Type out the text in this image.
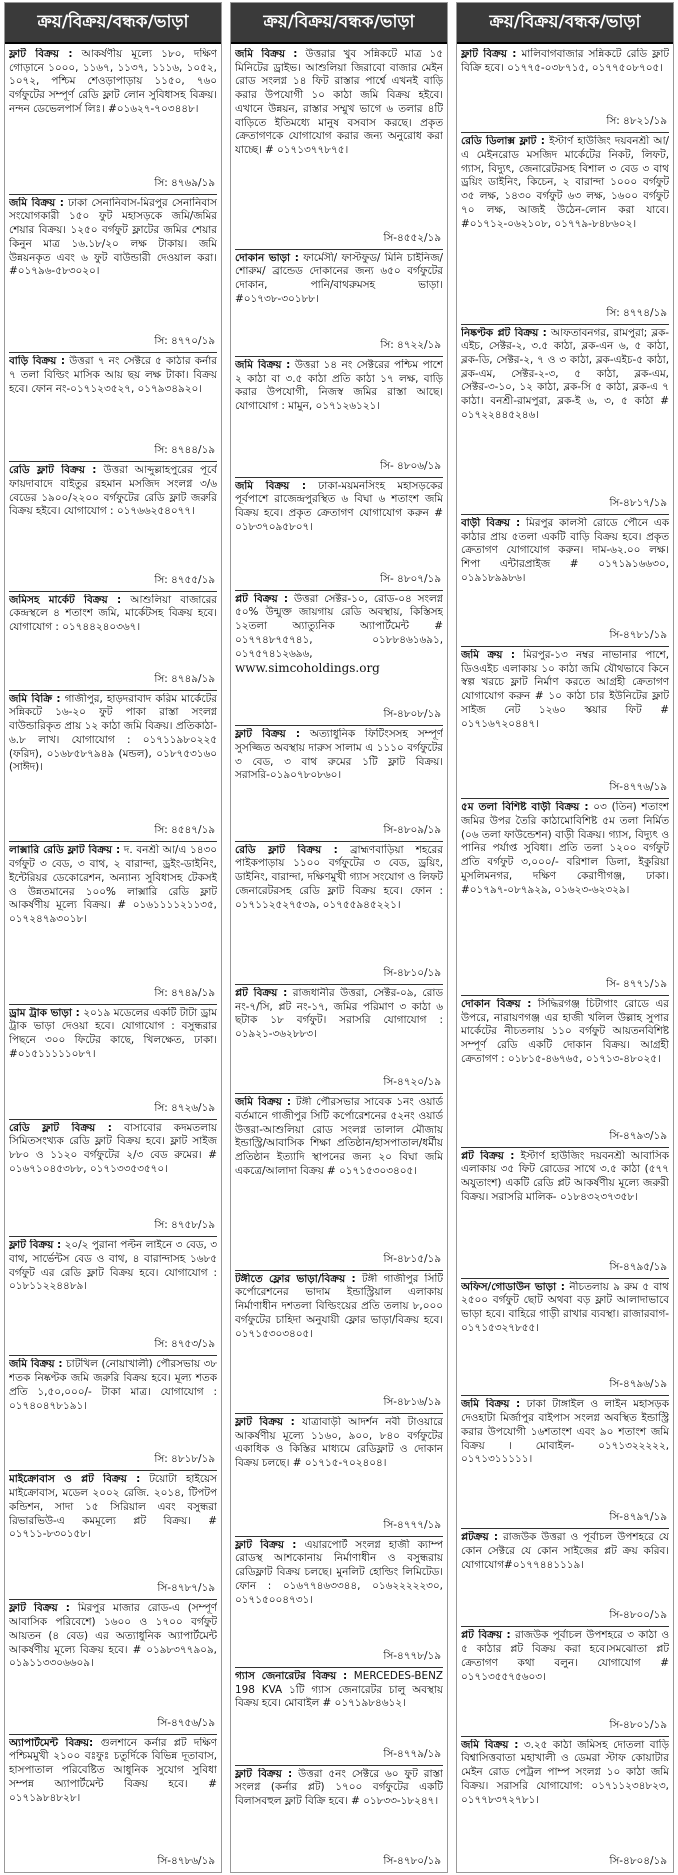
ক্রয়/বিক্রয়/বন্ধক/ভাড়া
ফ্লাট বিক্রয় : আকর্ষণীয় মূল্যে ১৮০, দক্ষিণ গোড়ানে ১০০০, ১১৬৭, ১১৩৭, ১১১৬, ১০৫২, ১০৭২, পশ্চিম শেওড়াপাড়ায় ১১৫০, ৭৬০ বর্গফুটের সম্পূর্ণ রেডি ফ্লাট লোন সুবিধাসহ বিক্রয়। নন্দন ডেভেলপার্স লিঃ। #০১৬২৭-৭০৩৪৪৮।
সি: ৪৭৬৯/১৯
জমি বিক্রয় : ঢাকা সেনানিবাস-মিরপুর সেনানিবাস সংযোগকারী ১৫০ ফুট মহাসড়কে জমি/জমির শেয়ার বিক্রয়। ১২৫০ বর্গফুট ফ্লাটের জমির শেয়ার কিনুন মাত্র ১৬.১৮/২০ লক্ষ টাকায়। জমি উন্নয়নকৃত এবং ৬ ফুট বাউন্ডারী দেওয়াল করা। #০১৭৯৬-৫৮৩০২০।
সি: ৪৭৭০/১৯
বাড়ি বিক্রয় : উত্তরা ৭ নং সেক্টরে ৫ কাঠার কর্নার ৭ তলা বিল্ডিং মাসিক আয় ছয় লক্ষ টাকা। বিক্রয় হবে। ফোন নং-০১৭১২৩৫২৭, ০১৭৯৩৪৯২০।
সি: ৪৭৪৪/১৯
রেডি ফ্লাট বিক্রয় : উত্তরা আব্দুল্লাহপুরের পূর্বে ফায়দাবাদে বাইতুর রহমান মসজিদ সংলগ্ন ৩/৬ বেডের ১৯০০/২২০০ বর্গফুটের রেডি ফ্লাট জরুরি বিক্রয় হইবে। যোগাযোগ : ০১৭৬৬২৫৪০৭৭।
সি: ৪৭৫৫/১৯
জমিসহ মার্কেট বিক্রয় : আশুলিয়া বাজারের কেন্দ্রস্থলে ৪ শতাংশ জমি, মার্কেটসহ বিক্রয় হবে। যোগাযোগ : ০১৭৪৪২৪০৩৬৭।
সি: ৪৭৪৯/১৯
জমি বিক্রি : গাজীপুর, হাড়দরাবাদ করিম মার্কেটের সন্নিকটে ১৬-২০ ফুট পাকা রাস্তা সংলগ্ন বাউন্ডারিকৃত প্রায় ১২ কাঠা জমি বিক্রয়। প্রতিকাঠা- ৬.৮ লাখ। যোগাযোগ : ০১৭১১৯৮০২২৫ (ফরিদ), ০১৬৮৫৮৭৯৪৯ (মন্ডল), ০১৮৭৫৩১৬০ (সাঈদ)।
সি: ৪৫৪৭/১৯
লাক্সারি রেডি ফ্লাট বিক্রয় : দ. বনশ্রী আ/এ ১৪৩০ বর্গফুট ৩ বেড, ৩ বাথ, ২ বারান্দা, ড্রইং-ডাইনিং, ইন্টেরিয়র ডেকোরেশন, অন্যান্য সুবিধাসহ টেকসই ও উন্নতমানের ১০০% লাক্সারি রেডি ফ্লাট আকর্ষণীয় মূল্যে বিক্রয়। # ০১৬১১১১২১১৩৫, ০১৭২৪৭৯৩০১৮।
সি: ৪৭৪৯/১৯
ড্রাম ট্রাক ভাড়া : ২০১৯ মডেলের একটি টাটা ড্রাম ট্রাক ভাড়া দেওয়া হবে। যোগাযোগ : বসুন্ধরার পিছনে ৩০০ ফিটের কাছে, খিলক্ষেত, ঢাকা। #০১৫১১১১১০৮৭।
সি: ৪৭২৬/১৯
রেডি ফ্লাট বিক্রয় : বাসাবোর কদমতলায় সিমিতসংখ্যক রেডি ফ্লাট বিক্রয় হবে। ফ্লাট সাইজ ৮৮০ ও ১১২০ বর্গফুটের ২/৩ বেড রুমের। # ০১৬৭১০৪৫৩৮৮, ০১৭১৩৩৫৩৫৭০।
সি: ৪৭৫৮/১৯
ফ্লাট বিক্রয় : ২০/২ পুরানা পল্টন লাইনে ৩ বেড, ৩ বাথ, সার্ভেন্টস বেড ও বাথ, ৪ বারান্দাসহ ১৬৮৫ বর্গফুট এর রেডি ফ্লাট বিক্রয় হবে। যোগাযোগ : ০১৮১১২২৪৪৮৯।
সি: ৪৭৫৩/১৯
জমি বিক্রয় : চাটখিল (নোয়াখালী) পৌরসভায় ৩৮ শতক নিষ্কণ্টক জমি জরুরি বিক্রয় হবে। মূল্য শতক প্রতি ১,৫০,০০০/- টাকা মাত্র। যোগাযোগ : ০১৭৪০৪৭৮১৯১।
সি: ৪৮১৮/১৯
মাইক্রোবাস ও প্লট বিক্রয় : টয়োটা হাইয়েস মাইক্রোবাস, মডেল ২০০২ রেজি. ২০১৪, টিপটপ কন্ডিশন, সাদা ১৫ সিরিয়াল এবং বসুন্ধরা রিভারভিউ-এ কমমূল্যে প্লট বিক্রয়। # ০১৭১১-৮৩০১৫৮।
সি-৪৭৮৭/১৯
ফ্লাট বিক্রয় : মিরপুর মাজার রোড-এ (সম্পূর্ণ আবাসিক পরিবেশে) ১৬০০ ও ১৭০০ বর্গফুট আয়তন (৪ বেড) এর অত্যাধুনিক অ্যাপার্টমেন্ট আকর্ষণীয় মূল্যে বিক্রয় হবে। # ০১৯৮৩৭৭৯০৯, ০১৯১১৩৩০৬৬০৯।
সি-৪৭৫৬/১৯
অ্যাপার্টমেন্ট বিক্রয়: গুলশানে কর্নার প্লট দক্ষিণ পশ্চিমমুখী ২১০০ বঃফুঃ চতুর্দিকে বিভিন্ন দূতাবাস, হাসপাতাল পরিবেষ্টিত আধুনিক সুযোগ সুবিধা সম্পন্ন অ্যাপার্টমেন্ট বিক্রয় হবে। # ০১৭১৯৮৪৮২৮।
সি-৪৭৮৬/১৯
ক্রয়/বিক্রয়/বন্ধক/ভাড়া
জমি বিক্রয় : উত্তরার খুব সন্নিকটে মাত্র ১৫ মিনিটের ড্রাইভ। আশুলিয়া জিরাবো বাজার মেইন রোড সংলগ্ন ১৪ ফিট রাস্তার পার্শ্বে এখনই বাড়ি করার উপযোগী ১০ কাঠা জমি বিক্রয় হইবে। এখানে উন্নয়ন, রাস্তার সম্মুখ ভাগে ৬ তলার ৪টি বাড়িতে ইতিমধ্যে মানুষ বসবাস করছে। প্রকৃত ক্রেতাগণকে যোগাযোগ করার জন্য অনুরোধ করা যাচ্ছে। # ০১৭১৩৭৭৮৭৫।
সি-৪৫৫২/১৯
দোকান ভাড়া : ফার্মেসী/ ফাস্টফুড/ মিনি চাইনিজ/শোরুম/ ব্রান্ডেড দোকানের জন্য ৬৫০ বর্গফুটের দোকান, পানি/বাথরুমসহ ভাড়া। #০১৭৩৮-৩০১৮৮।
সি: ৪৭২২/১৯
জমি বিক্রয় : উত্তরা ১৪ নং সেক্টরের পশ্চিম পাশে ২ কাঠা বা ৩.৫ কাঠা প্রতি কাঠা ১৭ লক্ষ, বাড়ি করার উপযোগী, নিজস্ব জমির রাস্তা আছে। যোগাযোগ : মামুন, ০১৭১২৬১২১।
সি- ৪৮০৬/১৯
জমি বিক্রয় : ঢাকা-ময়মনসিংহ মহাসড়কের পূর্বপাশে রাজেন্দ্রপুরস্থিত ৬ বিঘা ৬ শতাংশ জমি বিক্রয় হবে। প্রকৃত ক্রেতাগণ যোগাযোগ করুন # ০১৮৩৭০৯৫৮০৭।
সি- ৪৮০৭/১৯
প্লট বিক্রয় : উত্তরা সেক্টর-১০, রোড-০৪ সংলগ্ন ৫০% উন্মুক্ত জায়গায় রেডি অবস্থায়, কিস্তিসহ ১২তলা অ্যাত্যুনিক অ্যাপার্টমেন্ট # ০১৭৭৪৮৭৫৭৪১, ০১৮৮৪৬১৬৯১, ০১৭৫৭৪১২৬৯৬, www.simcoholdings.org
সি-৪৮০৮/১৯
ফ্লাট বিক্রয় : অত্যাধুনিক ফিটিংসসহ সম্পূর্ণ সুসজ্জিত অবস্থায় দারুস সালাম এ ১১১০ বর্গফুটের ৩ বেড, ৩ বাথ রুমের ১টি ফ্লাট বিক্রয়। সরাসরি-০১৯০৭৮০৮৬০।
সি-৪৮০৯/১৯
রেডি ফ্লাট বিক্রয় : ব্রাহ্মণবাড়িয়া শহরের পাইকপাড়ায় ১১০০ বর্গফুটের ৩ বেড, ড্রয়িং, ডাইনিং, বারান্দা, দক্ষিণমুখী গ্যাস সংযোগ ও লিফট জেনারেটরসহ রেডি ফ্লাট বিক্রয় হবে। ফোন : ০১৭১১২৫২৭৫৩৯, ০১৭৫৫৯৪৫২২১।
সি-৪৮১০/১৯
প্লট বিক্রয় : রাজধানীর উত্তরা, সেক্টর-০৯, রোড নং-৭/সি, প্লট নং-১৭, জমির পরিমাণ ৩ কাঠা ৬ ছটাক ১৮ বর্গফুট। সরাসরি যোগাযোগ : ০১৯২১-৩৬২৮৮৩।
সি-৪৭২০/১৯
জমি বিক্রয় : টঙ্গী পৌরসভার সাবেক ১নং ওয়ার্ড বর্তমানে গাজীপুর সিটি কর্পোরেশনের ৫২নং ওয়ার্ড উত্তরা-আশুলিয়া রোড সংলগ্ন তালাল মৌজায় ইন্ডাস্ট্রি/আবাসিক শিক্ষা প্রতিষ্ঠান/হাসপাতাল/ধর্মীয় প্রতিষ্ঠান ইত্যাদি স্থাপনের জন্য ২০ বিঘা জমি একত্রে/আলাদা বিক্রয় # ০১৭১৫৩০৩৪০৫।
সি-৪৮১৫/১৯
টঙ্গীতে ফ্লোর ভাড়া/বিক্রয় : টঙ্গী গাজীপুর সিটি কর্পোরেশনের ভাদাম ইন্ডাস্ট্রিয়াল এলাকায় নির্মাণাধীন দশতলা বিল্ডিংয়ের প্রতি তলায় ৮,০০০ বর্গফুটের চাহিদা অনুযায়ী ফ্লোর ভাড়া/বিক্রয় হবে। ০১৭১৫৩০৩৪০৫।
সি-৪৮১৬/১৯
ফ্লাট বিক্রয় : যাত্রাবাড়ী আদর্শন নবী টাওয়ারে আকর্ষণীয় মূল্যে ১১৬০, ৯০০, ৮৪০ বর্গফুটের একাধিক ও কিস্তির মাধ্যমে রেডিফ্লাট ও দোকান বিক্রয় চলছে। # ০১৭১৫-৭০২৪০৪।
সি-৪৭৭৭/১৯
ফ্লাট বিক্রয় : এয়ারপোর্ট সংলগ্ন হাজী ক্যাম্প রোডস্থ আশকোনায় নির্মাণাধীন ও বসুন্ধরায় রেডিফ্লাট বিক্রয় চলছে। মুনলিট হোল্ডিং লিমিটেড। ফোন : ০১৬৭৭৪৬৩৩৪৪, ০১৬২২২২২৩০, ০১৭১৫০০৪৭৩১।
সি-৪৭৭৮/১৯
গ্যাস জেনারেটর বিক্রয় : MERCEDES-BENZ 198 KVA ১টি গ্যাস জেনারেটর চালু অবস্থায় বিক্রয় হবে। মোবাইল # ০১৭১৯৮৪৬১২।
সি-৪৭৭৯/১৯
ফ্লাট বিক্রয় : উত্তরা ৫নং সেক্টরে ৬০ ফুট রাস্তা সংলগ্ন (কর্নার প্লট) ১৭০০ বর্গফুটের একটি বিলাসবহুল ফ্লাট বিক্রি হবে। # ০১৮৩৩-১৮২৪৭।
সি-৪৭৮০/১৯
ক্রয়/বিক্রয়/বন্ধক/ভাড়া
ফ্লাট বিক্রয় : মালিবাগবাজার সন্নিকটে রেডি ফ্লাট বিক্রি হবে। ০১৭৭৫-০৩৮৭১৫, ০১৭৭৫০৮৭০৫।
সি: ৪৮২১/১৯
রেডি ডিলাক্স ফ্লাট : ইস্টার্ণ হাউজিং দয়বনশ্রী আ/এ মেইনরোড মসজিদ মার্কেটের নিকট, লিফট, গ্যাস, বিদ্যুৎ, জেনারেটরসহ বিশাল ৩ বেড ৩ বাথ ড্রয়িং ডাইনিং, কিচেন, ২ বারান্দা ১০০০ বর্গফুট ৩৫ লক্ষ, ১৪৩০ বর্গফুট ৬৩ লক্ষ, ১৬০০ বর্গফুট ৭০ লক্ষ, আজই উঠেন-লোন করা যাবে। #০১৭১২-০৬২১০৮, ০১৭৭৯-৮৪৮৬০২।
সি: ৪৭৭৪/১৯
নিষ্কণ্টক প্লট বিক্রয় : আফতাবনগর, রামপুরা; ব্লক-এইচ, সেক্টর-২, ৩.৫ কাঠা, ব্লক-এন ৬, ৫ কাঠা, ব্লক-ডি, সেক্টর-২, ৭ ও ৩ কাঠা, ব্লক-এইচ-৫ কাঠা, ব্লক-এম, সেক্টর-২-৩, ৫ কাঠা, ব্লক-এম, সেক্টর-৩-১০, ১২ কাঠা, ব্লক-সি ৫ কাঠা, ব্লক-এ ৭ কাঠা। বনশ্রী-রামপুরা, ব্লক-ই ৬, ৩, ৫ কাঠা # ০১৭২২৪৪৫২৪৬।
সি-৪৮১৭/১৯
বাড়ী বিক্রয় : মিরপুর কালসী রোডে পৌনে এক কাঠার প্রায় ৫তলা একটি বাড়ি বিক্রয় হবে। প্রকৃত ক্রেতাগণ যোগাযোগ করুন। দাম-৬২.০০ লক্ষ। শিপা এন্টারপ্রাইজ # ০১৭১৯১৬৬৩০, ০১৯১৮৯৯৮৬।
সি-৪৭৮১/১৯
জমি ক্রয় : মিরপুর-১৩ নম্বর নাভানার পাশে, ডিওএইচ এলাকায় ১০ কাঠা জমি যৌথভাবে কিনে স্বল্প খরচে ফ্লাট নির্মাণ করতে আগ্রহী ক্রেতাগণ যোগাযোগ করুন # ১০ কাঠা চার ইউনিটের ফ্লাট সাইজ নেট ১২৬০ স্কয়ার ফিট # ০১৭১৬৭২০৪৪৭।
সি-৪৭৭৬/১৯
৫ম তলা বিশিষ্ট বাড়ী বিক্রয় : ০৩ (তিন) শতাংশ জমির উপর তৈরি কাঠামোবিশিষ্ট ৫ম তলা নির্মিত (০৬ তলা ফাউন্ডেশন) বাড়ী বিক্রয়। গ্যাস, বিদ্যুৎ ও পানির পর্যাপ্ত সুবিধা। প্রতি তলা ১২০০ বর্গফুট প্রতি বর্গফুট ৩,০০০/- বরিশাল ডিলা, ইকুরিয়া মুসলিমনগর, দক্ষিণ কেরাণীগঞ্জ, ঢাকা। #০১৭৯৭-০৮৭৯২৯, ০১৬২৩-৬২৩২৯।
সি- ৪৭৭১/১৯
দোকান বিক্রয় : সিদ্ধিরগঞ্জ চিটাগাং রোডে এর উপরে, নারায়ণগঞ্জ এর হাজী খলিল উল্লাহ সুপার মার্কেটের নীচতলায় ১১০ বর্গফুট আয়তনবিশিষ্ট সম্পূর্ণ রেডি একটি দোকান বিক্রয়। আগ্রহী ক্রেতাগণ : ০১৮১৫-৪৬৭৬৫, ০১৭১৩-৪৮০২৫।
সি-৪৭৯৩/১৯
প্লট বিক্রয় : ইস্টার্ণ হাউজিং দয়বনশ্রী আবাসিক এলাকায় ৩৫ ফিট রোডের সাথে ৩.৫ কাঠা (৫৭৭ অযুতাংশ) একটি রেডি প্লট আকর্ষণীয় মূল্যে জরুরী বিক্রয়। সরাসরি মালিক- ০১৮৪৩২৩৭৩৫৮।
সি-৪৭৯৫/১৯
অফিস/গোডাউন ভাড়া : নীচতলায় ৯ রুম ৫ বাথ ২৫০০ বর্গফুট ছোট অথবা বড় ফ্লাট আলাদাভাবে ভাড়া হবে। বাহিরে গাড়ী রাখার ব্যবস্থা। রাজারবাগ- ০১৭১৫৩২৭৮৫৫।
সি-৪৭৯৬/১৯
জমি বিক্রয় : ঢাকা টাঙ্গাইল ও লাইন মহাসড়ক দেওহাটা মির্জাপুর বাইপাস সংলগ্ন অবস্থিত ইন্ডাস্ট্রি করার উপযোগী ১৬শতাংশ এবং ৯০ শতাংশ জমি বিক্রয় । মোবাইল- ০১৭১৩২২২২২, ০১৭১৩১১১১১।
সি-৪৭৯৭/১৯
প্লটক্রয় : রাজউক উত্তরা ও পূর্বাচল উপশহরে যে কোন সেক্টরে যে কোন সাইজের প্লট ক্রয় করিব। যোগাযোগ#০১৭৭৪৪১১১৯।
সি-৪৮০০/১৯
প্লট বিক্রয় : রাজউক পূর্বাচল উপশহরে ৩ কাঠা ও ৫ কাঠার প্লট বিক্রয় করা হবে।সমঝোতা প্লট ক্রেতাগণ কথা বলুন। যোগাযোগ # ০১৭১৩৫৫৭৫৬০৩।
সি-৪৮০১/১৯
জমি বিক্রয় : ৩.২৫ কাঠা জমিসহ দোতলা বাড়ি বিশ্বাসিত্তবাতা মহাখালী ও ডেমরা স্টাফ কোয়াটার মেইন রোড পেট্রল পাম্প সংলগ্ন ১০ কাঠা জমি বিক্রয়। সরাসরি যোগাযোগ: ০১৭১১২৩৪৮২৩, ০১৭৭৮৩৭২৭৮১।
সি-৪৮০৪/১৯
